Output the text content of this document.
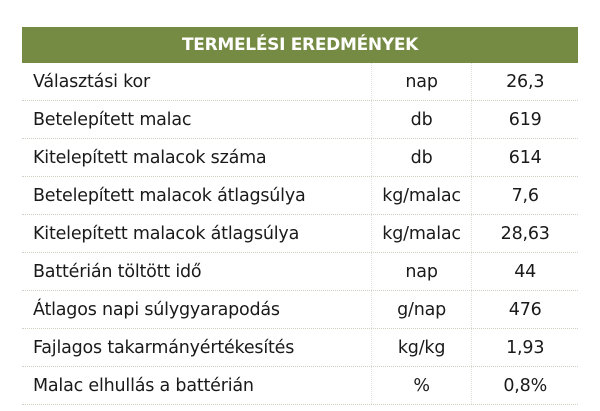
TERMELÉSI EREDMÉNYEK
Választási kor	nap	26,3
Betelepített malac	db	619
Kitelepített malacok száma	db	614
Betelepített malacok átlagsúlya	kg/malac	7,6
Kitelepített malacok átlagsúlya	kg/malac	28,63
Battérián töltött idő	nap	44
Átlagos napi súlygyarapodás	g/nap	476
Fajlagos takarmányértékesítés	kg/kg	1,93
Malac elhullás a battérián	%	0,8%
